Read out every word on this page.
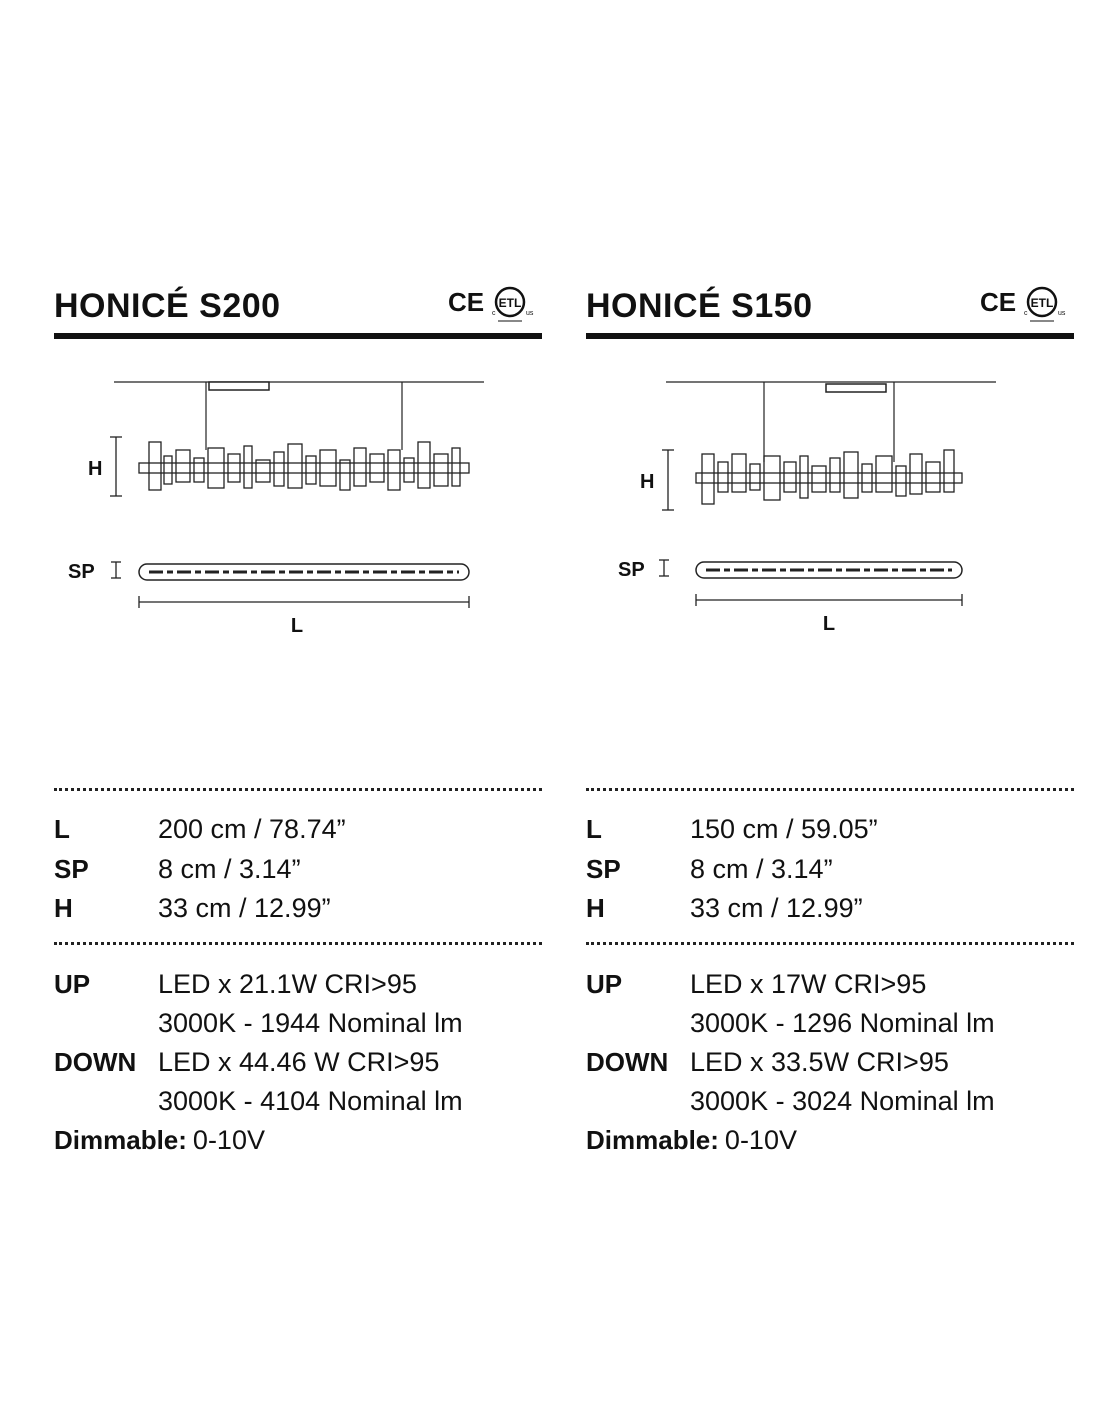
HONICÉ S200	CE ETL
c	us
H
SP
L
L	200 cm / 78.74”
SP	8 cm / 3.14”
H	33 cm / 12.99”
UP	LED x 21.1W CRI>95
3000K - 1944 Nominal lm
DOWN LED x 44.46 W CRI>95
3000K - 4104 Nominal lm
Dimmable: 0-10V
HONICÉ S150	CE ETL
c	us
H
SP
L
L	150 cm / 59.05”
SP	8 cm / 3.14”
H	33 cm / 12.99”
UP	LED x 17W CRI>95
3000K - 1296 Nominal lm
DOWN LED x 33.5W CRI>95
3000K - 3024 Nominal lm
Dimmable: 0-10V
